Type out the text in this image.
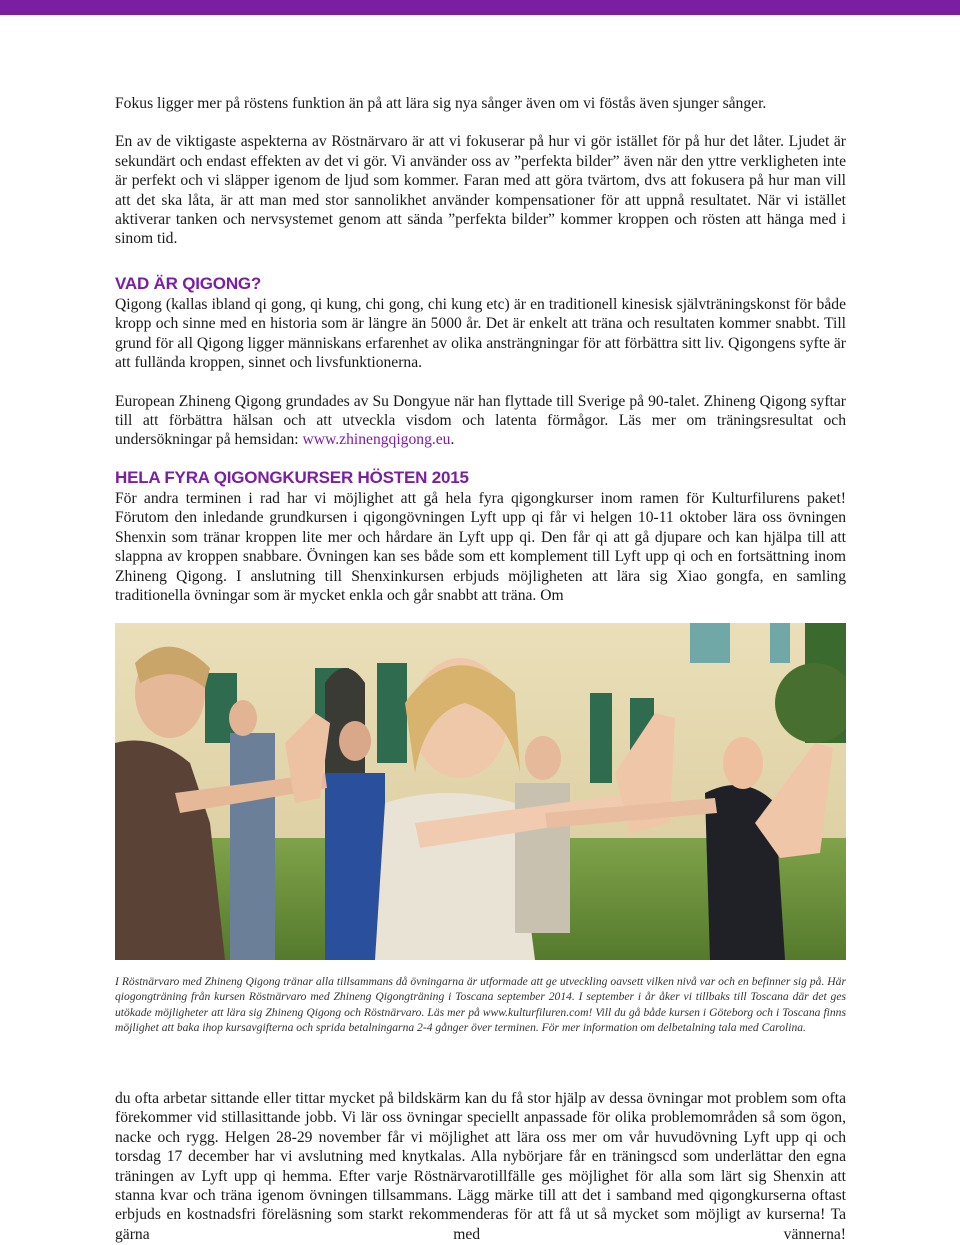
Fokus ligger mer på röstens funktion än på att lära sig nya sånger även om vi föstås även sjunger sånger.

En av de viktigaste aspekterna av Röstnärvaro är att vi fokuserar på hur vi gör istället för på hur det låter. Ljudet är sekundärt och endast effekten av det vi gör. Vi använder oss av ”perfekta bilder” även när den yttre verkligheten inte är perfekt och vi släpper igenom de ljud som kommer. Faran med att göra tvärtom, dvs att fokusera på hur man vill att det ska låta, är att man med stor sannolikhet använder kompensationer för att uppnå resultatet. När vi istället aktiverar tanken och nervsystemet genom att sända ”perfekta bilder” kommer kroppen och rösten att hänga med i sinom tid.

VAD ÄR QIGONG?

Qigong (kallas ibland qi gong, qi kung, chi gong, chi kung etc) är en traditionell kinesisk självträningskonst för både kropp och sinne med en historia som är längre än 5000 år. Det är enkelt att träna och resultaten kommer snabbt. Till grund för all Qigong ligger människans erfarenhet av olika ansträngningar för att förbättra sitt liv. Qigongens syfte är att fullända kroppen, sinnet och livsfunktionerna.

European Zhineng Qigong grundades av Su Dongyue när han flyttade till Sverige på 90-talet. Zhineng Qigong syftar till att förbättra hälsan och att utveckla visdom och latenta förmågor. Läs mer om träningsresultat och undersökningar på hemsidan: www.zhinengqigong.eu.

HELA FYRA QIGONGKURSER HÖSTEN 2015

För andra terminen i rad har vi möjlighet att gå hela fyra qigongkurser inom ramen för Kulturfilurens paket! Förutom den inledande grundkursen i qigongövningen Lyft upp qi får vi helgen 10-11 oktober lära oss övningen Shenxin som tränar kroppen lite mer och hårdare än Lyft upp qi. Den får qi att gå djupare och kan hjälpa till att slappna av kroppen snabbare. Övningen kan ses både som ett komplement till Lyft upp qi och en fortsättning inom Zhineng Qigong. I anslutning till Shenxinkursen erbjuds möjligheten att lära sig Xiao gongfa, en samling traditionella övningar som är mycket enkla och går snabbt att träna. Om

I Röstnärvaro med Zhineng Qigong tränar alla tillsammans då övningarna är utformade att ge utveckling oavsett vilken nivå var och en befinner sig på. Här qiogongträning från kursen Röstnärvaro med Zhineng Qigongträning i Toscana september 2014. I september i år åker vi tillbaks till Toscana där det ges utökade möjligheter att lära sig Zhineng Qigong och Röstnärvaro. Läs mer på www.kulturfiluren.com! Vill du gå både kursen i Göteborg och i Toscana finns möjlighet att baka ihop kursavgifterna och sprida betalningarna 2-4 gånger över terminen. För mer information om delbetalning tala med Carolina.

du ofta arbetar sittande eller tittar mycket på bildskärm kan du få stor hjälp av dessa övningar mot problem som ofta förekommer vid stillasittande jobb. Vi lär oss övningar speciellt anpassade för olika problemområden så som ögon, nacke och rygg. Helgen 28-29 november får vi möjlighet att lära oss mer om vår huvudövning Lyft upp qi och torsdag 17 december har vi avslutning med knytkalas. Alla nybörjare får en träningscd som underlättar den egna träningen av Lyft upp qi hemma. Efter varje Röstnärvarotillfälle ges möjlighet för alla som lärt sig Shenxin att stanna kvar och träna igenom övningen tillsammans. Lägg märke till att det i samband med qigongkurserna oftast erbjuds en kostnadsfri föreläsning som starkt rekommenderas för att få ut så mycket som möjligt av kurserna! Ta gärna med vännerna!
